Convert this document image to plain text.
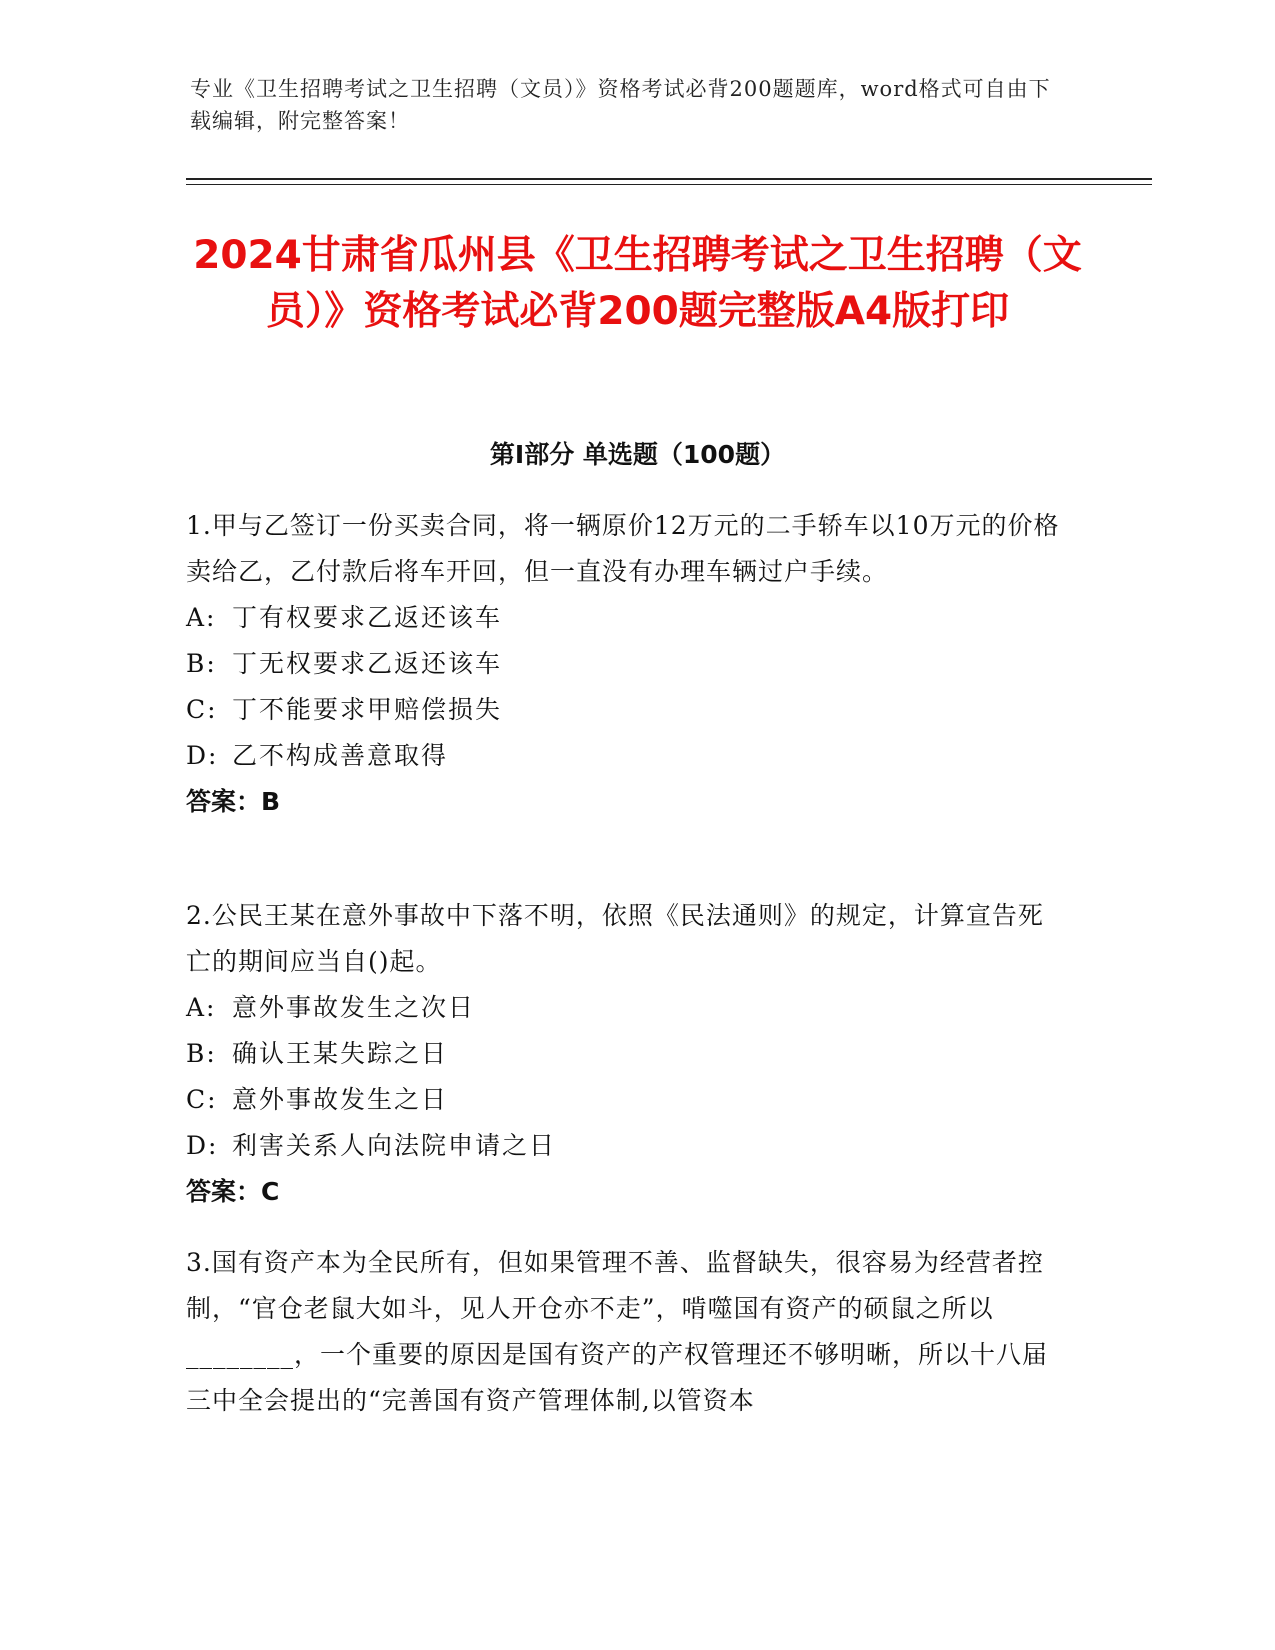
专业《卫生招聘考试之卫生招聘（文员）》资格考试必背200题题库，word格式可自由下载编辑，附完整答案！
2024甘肃省瓜州县《卫生招聘考试之卫生招聘（文员）》资格考试必背200题完整版A4版打印
第I部分 单选题（100题）

1.甲与乙签订一份买卖合同，将一辆原价12万元的二手轿车以10万元的价格卖给乙，乙付款后将车开回，但一直没有办理车辆过户手续。

A: 丁有权要求乙返还该车

B: 丁无权要求乙返还该车

C: 丁不能要求甲赔偿损失

D: 乙不构成善意取得

答案：B

2.公民王某在意外事故中下落不明，依照《民法通则》的规定，计算宣告死亡的期间应当自()起。

A: 意外事故发生之次日

B: 确认王某失踪之日

C: 意外事故发生之日

D: 利害关系人向法院申请之日

答案：C

3.国有资产本为全民所有，但如果管理不善、监督缺失，很容易为经营者控制，“官仓老鼠大如斗，见人开仓亦不走”，啃噬国有资产的硕鼠之所以________，一个重要的原因是国有资产的产权管理还不够明晰，所以十八届三中全会提出的“完善国有资产管理体制,以管资本
